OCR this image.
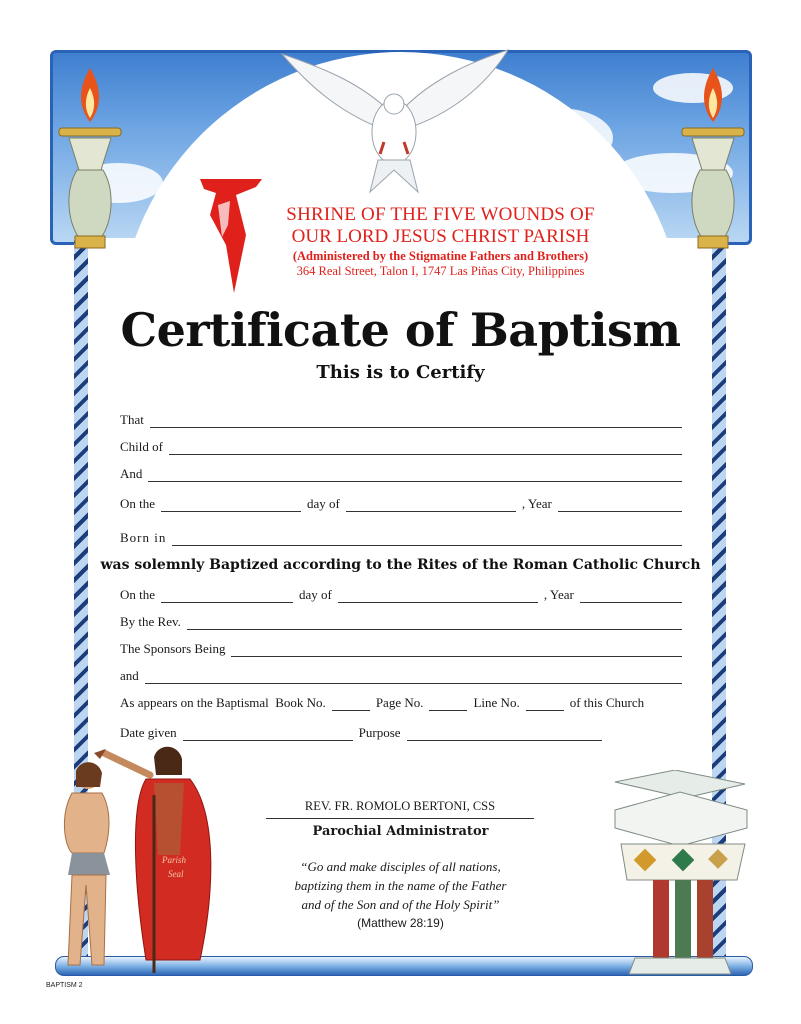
SHRINE OF THE FIVE WOUNDS OF
OUR LORD JESUS CHRIST PARISH
(Administered by the Stigmatine Fathers and Brothers)
364 Real Street, Talon I, 1747 Las Piñas City, Philippines
Certificate of Baptism
This is to Certify
That
Child of
And
On the	day of	, Year
Born in
was solemnly Baptized according to the Rites of the Roman Catholic Church
On the	day of	, Year
By the Rev.
The Sponsors Being
and
As appears on the Baptismal  Book No.	Page No.	Line No.	of this Church
Date given	Purpose
REV. FR. ROMOLO BERTONI, CSS
Parochial Administrator
“Go and make disciples of all nations,
baptizing them in the name of the Father
and of the Son and of the Holy Spirit”
(Matthew 28:19)
Parish
Seal
BAPTISM 2
